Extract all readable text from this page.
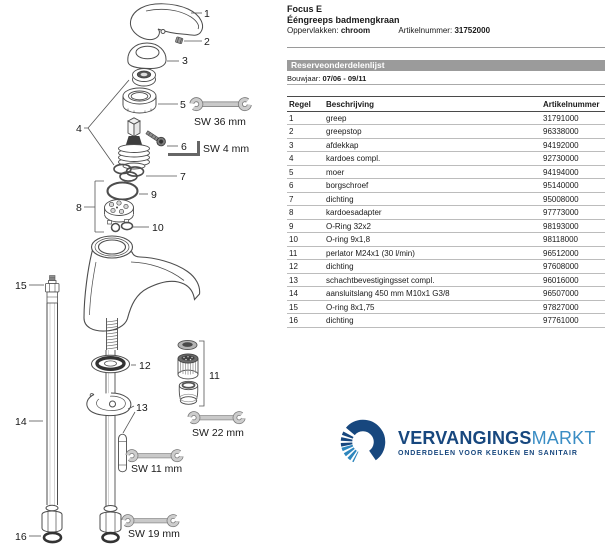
1
2
3
4
5
6
7
8
9
10
11
12
13
14
15
16
SW 36 mm
SW 4 mm
SW 22 mm
SW 11 mm
SW 19 mm
Focus E
Ééngreeps badmengkraan
Oppervlakken: chroom	Artikelnummer: 31752000
Reserveonderdelenlijst
Bouwjaar: 07/06 - 09/11
Regel	Beschrijving	Artikelnummer
1	greep	31791000
2	greepstop	96338000
3	afdekkap	94192000
4	kardoes compl.	92730000
5	moer	94194000
6	borgschroef	95140000
7	dichting	95008000
8	kardoesadapter	97773000
9	O-Ring 32x2	98193000
10	O-ring 9x1,8	98118000
11	perlator M24x1 (30 l/min)	96512000
12	dichting	97608000
13	schachtbevestigingsset compl.	96016000
14	aansluitslang 450 mm M10x1 G3/8	96507000
15	O-ring 8x1,75	97827000
16	dichting	97761000
VERVANGINGSMARKT
ONDERDELEN VOOR KEUKEN EN SANITAIR
